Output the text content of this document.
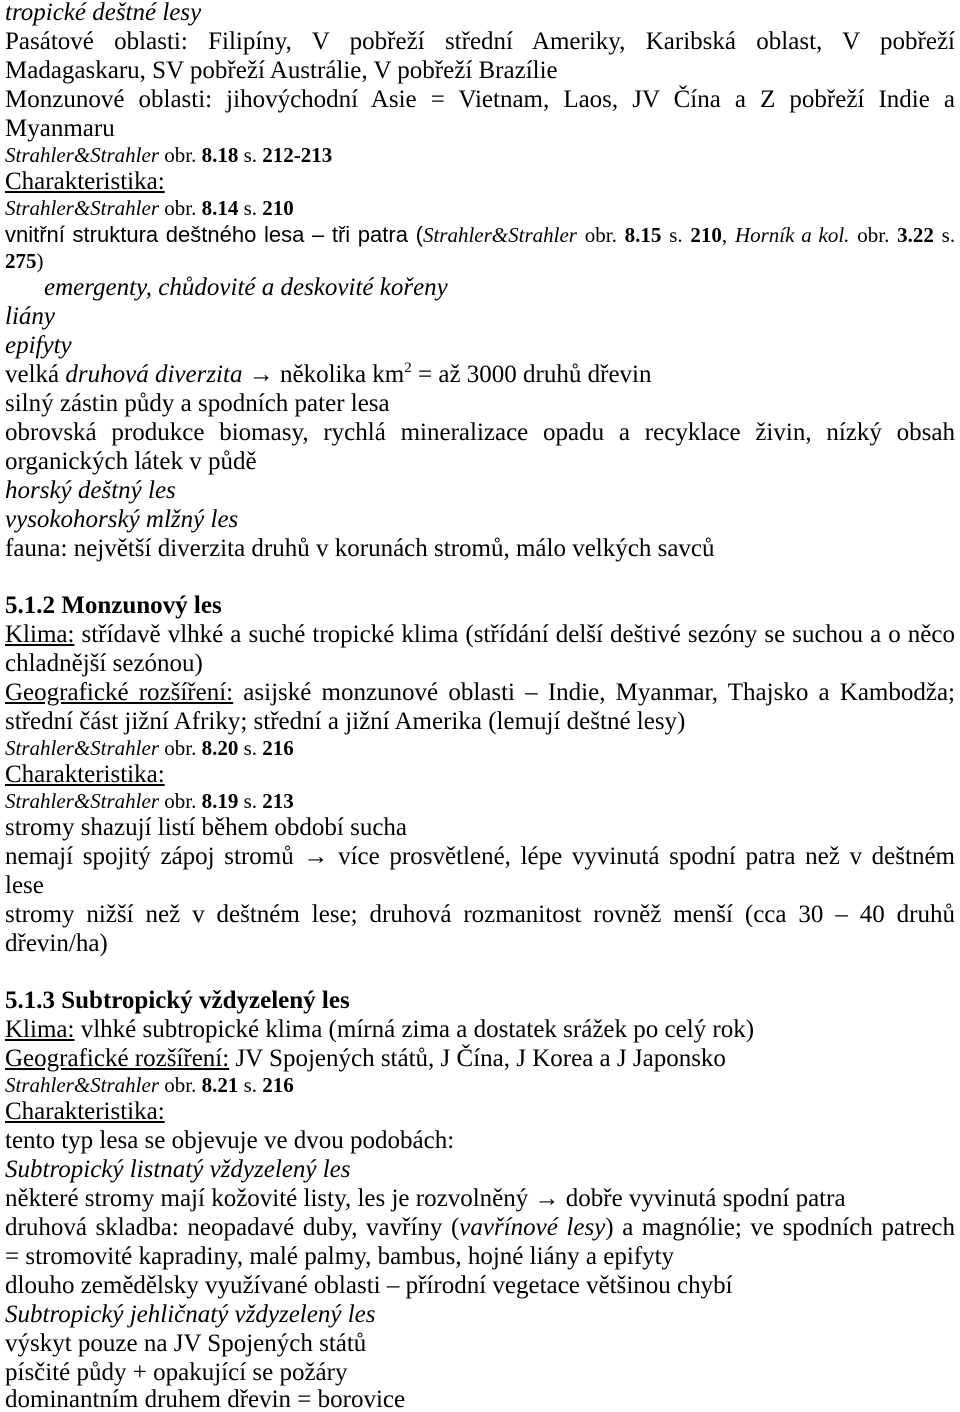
tropické deštné lesy
Pasátové oblasti: Filipíny, V pobřeží střední Ameriky, Karibská oblast, V pobřeží
Madagaskaru, SV pobřeží Austrálie, V pobřeží Brazílie
Monzunové oblasti: jihovýchodní Asie = Vietnam, Laos, JV Čína a Z pobřeží Indie a
Myanmaru
Strahler&Strahler obr. 8.18 s. 212-213
Charakteristika:
Strahler&Strahler obr. 8.14 s. 210
vnitřní struktura deštného lesa – tři patra (Strahler&Strahler obr. 8.15 s. 210, Horník a kol. obr. 3.22 s.
275)
emergenty, chůdovité a deskovité kořeny
liány
epifyty
velká druhová diverzita → několika $km^2$ = až 3000 druhů dřevin
silný zástin půdy a spodních pater lesa
obrovská produkce biomasy, rychlá mineralizace opadu a recyklace živin, nízký obsah
organických látek v půdě
horský deštný les
vysokohorský mlžný les
fauna: největší diverzita druhů v korunách stromů, málo velkých savců
5.1.2 Monzunový les
Klima: střídavě vlhké a suché tropické klima (střídání delší deštivé sezóny se suchou a o něco
chladnější sezónou)
Geografické rozšíření: asijské monzunové oblasti – Indie, Myanmar, Thajsko a Kambodža;
střední část jižní Afriky; střední a jižní Amerika (lemují deštné lesy)
Strahler&Strahler obr. 8.20 s. 216
Charakteristika:
Strahler&Strahler obr. 8.19 s. 213
stromy shazují listí během období sucha
nemají spojitý zápoj stromů → více prosvětlené, lépe vyvinutá spodní patra než v deštném
lese
stromy nižší než v deštném lese; druhová rozmanitost rovněž menší (cca 30 – 40 druhů
dřevin/ha)
5.1.3 Subtropický vždyzelený les
Klima: vlhké subtropické klima (mírná zima a dostatek srážek po celý rok)
Geografické rozšíření: JV Spojených států, J Čína, J Korea a J Japonsko
Strahler&Strahler obr. 8.21 s. 216
Charakteristika:
tento typ lesa se objevuje ve dvou podobách:
Subtropický listnatý vždyzelený les
některé stromy mají kožovité listy, les je rozvolněný → dobře vyvinutá spodní patra
druhová skladba: neopadavé duby, vavříny (vavřínové lesy) a magnólie; ve spodních patrech
= stromovité kapradiny, malé palmy, bambus, hojné liány a epifyty
dlouho zemědělsky využívané oblasti – přírodní vegetace většinou chybí
Subtropický jehličnatý vždyzelený les
výskyt pouze na JV Spojených států
písčité půdy + opakující se požáry
dominantním druhem dřevin = borovice
